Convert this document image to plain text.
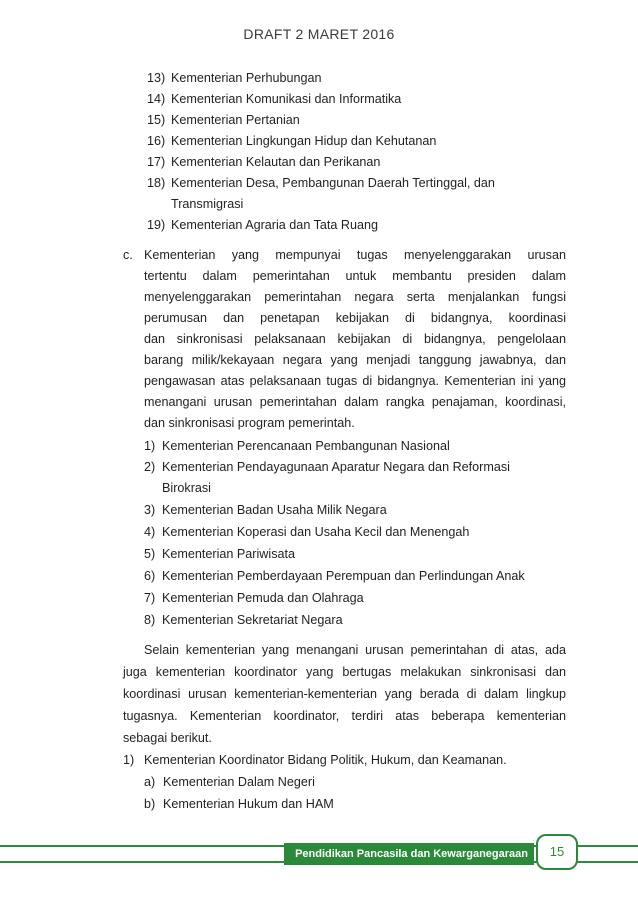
DRAFT 2 MARET 2016
13) Kementerian Perhubungan
14) Kementerian Komunikasi dan Informatika
15) Kementerian Pertanian
16) Kementerian Lingkungan Hidup dan Kehutanan
17) Kementerian Kelautan dan Perikanan
18) Kementerian Desa, Pembangunan Daerah Tertinggal, dan
Transmigrasi
19) Kementerian Agraria dan Tata Ruang
c. Kementerian yang mempunyai tugas menyelenggarakan urusan
tertentu dalam pemerintahan untuk membantu presiden dalam
menyelenggarakan pemerintahan negara serta menjalankan fungsi
perumusan dan penetapan kebijakan di bidangnya, koordinasi
dan sinkronisasi pelaksanaan kebijakan di bidangnya, pengelolaan
barang milik/kekayaan negara yang menjadi tanggung jawabnya, dan
pengawasan atas pelaksanaan tugas di bidangnya. Kementerian ini yang
menangani urusan pemerintahan dalam rangka penajaman, koordinasi,
dan sinkronisasi program pemerintah.
1) Kementerian Perencanaan Pembangunan Nasional
2) Kementerian Pendayagunaan Aparatur Negara dan Reformasi
Birokrasi
3) Kementerian Badan Usaha Milik Negara
4) Kementerian Koperasi dan Usaha Kecil dan Menengah
5) Kementerian Pariwisata
6) Kementerian Pemberdayaan Perempuan dan Perlindungan Anak
7) Kementerian Pemuda dan Olahraga
8) Kementerian Sekretariat Negara
Selain kementerian yang menangani urusan pemerintahan di atas, ada
juga kementerian koordinator yang bertugas melakukan sinkronisasi dan
koordinasi urusan kementerian-kementerian yang berada di dalam lingkup
tugasnya. Kementerian koordinator, terdiri atas beberapa kementerian
sebagai berikut.
1) Kementerian Koordinator Bidang Politik, Hukum, dan Keamanan.
a) Kementerian Dalam Negeri
b) Kementerian Hukum dan HAM
Pendidikan Pancasila dan Kewarganegaraan	15
